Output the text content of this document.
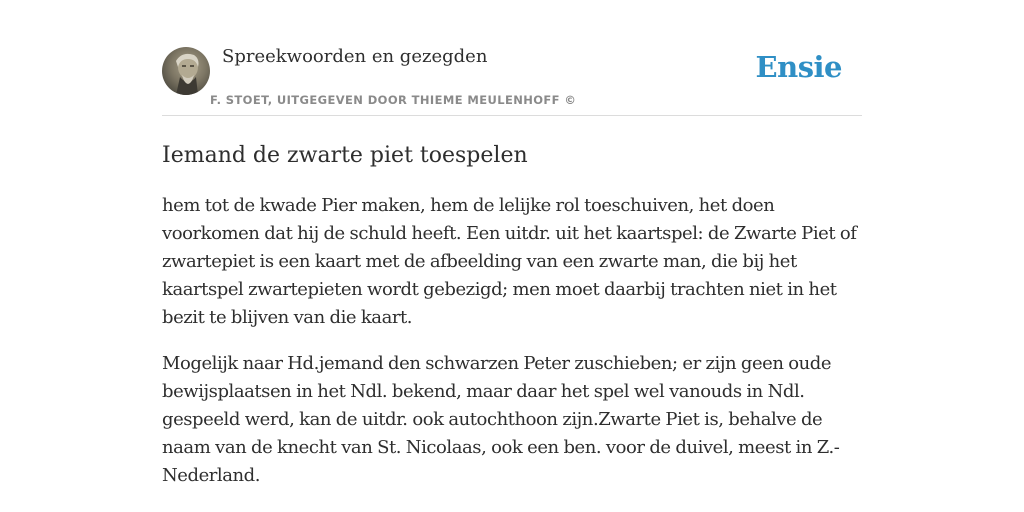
Spreekwoorden en gezegden
F. STOET, UITGEGEVEN DOOR THIEME MEULENHOFF ©
Ensie
Iemand de zwarte piet toespelen

hem tot de kwade Pier maken, hem de lelijke rol toeschuiven, het doen voorkomen dat hij de schuld heeft. Een uitdr. uit het kaartspel: de Zwarte Piet of zwartepiet is een kaart met de afbeelding van een zwarte man, die bij het kaartspel zwartepieten wordt gebezigd; men moet daarbij trachten niet in het bezit te blijven van die kaart.

Mogelijk naar Hd.jemand den schwarzen Peter zuschieben; er zijn geen oude bewijsplaatsen in het Ndl. bekend, maar daar het spel wel vanouds in Ndl. gespeeld werd, kan de uitdr. ook autochthoon zijn.Zwarte Piet is, behalve de naam van de knecht van St. Nicolaas, ook een ben. voor de duivel, meest in Z.-Nederland.
